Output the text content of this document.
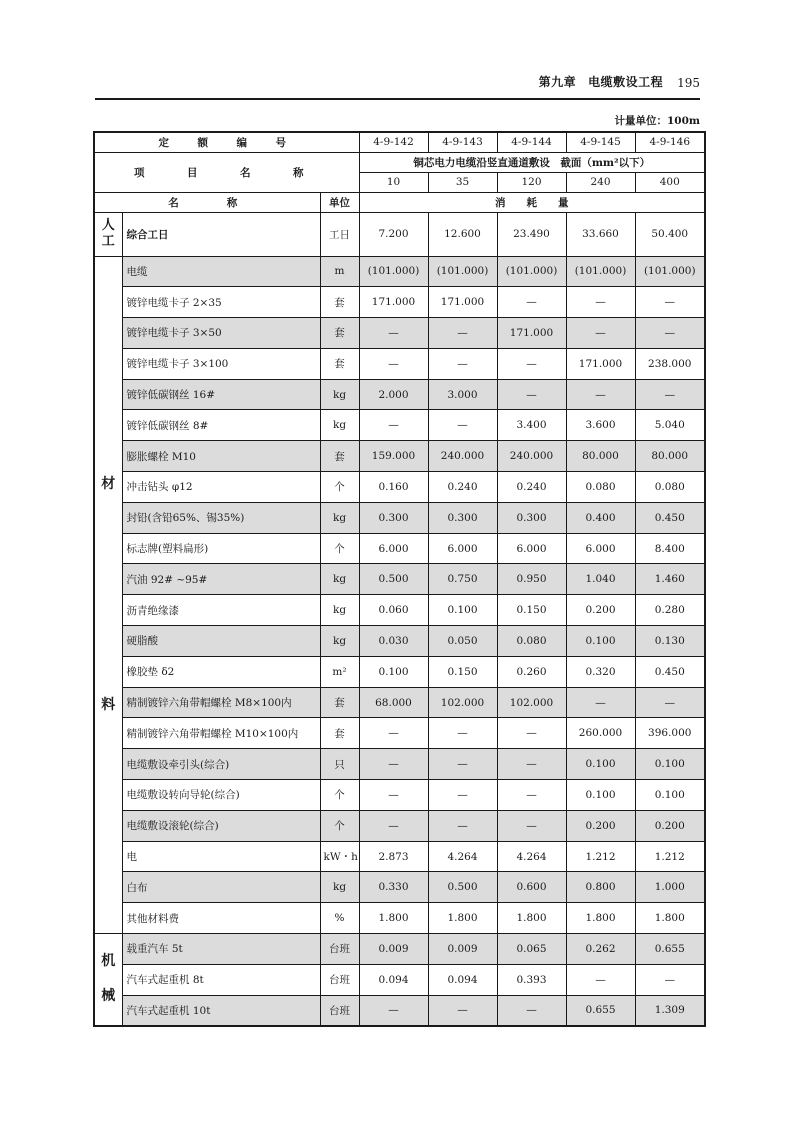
第九章 电缆敷设工程 195
计量单位：100m
定　额　编　号			4-9-142	4-9-143	4-9-144	4-9-145	4-9-146
项　目　名　称			铜芯电力电缆沿竖直通道敷设　截面（mm²以下）				
			10	35	120	240	400
名　　称		单位	消　　耗　　量				
人工	综合工日	工日	7.200	12.600	23.490	33.660	50.400

材
料	电缆	m	(101.000)	(101.000)	(101.000)	(101.000)	(101.000)
	镀锌电缆卡子 2×35	套	171.000	171.000	—	—	—
	镀锌电缆卡子 3×50	套	—	—	171.000	—	—
	镀锌电缆卡子 3×100	套	—	—	—	171.000	238.000
	镀锌低碳钢丝 16#	kg	2.000	3.000	—	—	—
	镀锌低碳钢丝 8#	kg	—	—	3.400	3.600	5.040
	膨胀螺栓 M10	套	159.000	240.000	240.000	80.000	80.000
	冲击钻头 φ12	个	0.160	0.240	0.240	0.080	0.080
	封铅(含铅65%、锡35%)	kg	0.300	0.300	0.300	0.400	0.450
	标志牌(塑料扁形)	个	6.000	6.000	6.000	6.000	8.400
	汽油 92# ~95#	kg	0.500	0.750	0.950	1.040	1.460
	沥青绝缘漆	kg	0.060	0.100	0.150	0.200	0.280
	硬脂酸	kg	0.030	0.050	0.080	0.100	0.130
	橡胶垫 δ2	m²	0.100	0.150	0.260	0.320	0.450
	精制镀锌六角带帽螺栓 M8×100内	套	68.000	102.000	102.000	—	—
	精制镀锌六角带帽螺栓 M10×100内	套	—	—	—	260.000	396.000
	电缆敷设牵引头(综合)	只	—	—	—	0.100	0.100
	电缆敷设转向导轮(综合)	个	—	—	—	0.100	0.100
	电缆敷设滚轮(综合)	个	—	—	—	0.200	0.200
	电	kW・h	2.873	4.264	4.264	1.212	1.212
	白布	kg	0.330	0.500	0.600	0.800	1.000
	其他材料费	%	1.800	1.800	1.800	1.800	1.800

机
械	载重汽车 5t	台班	0.009	0.009	0.065	0.262	0.655
	汽车式起重机 8t	台班	0.094	0.094	0.393	—	—
	汽车式起重机 10t	台班	—	—	—	0.655	1.309
